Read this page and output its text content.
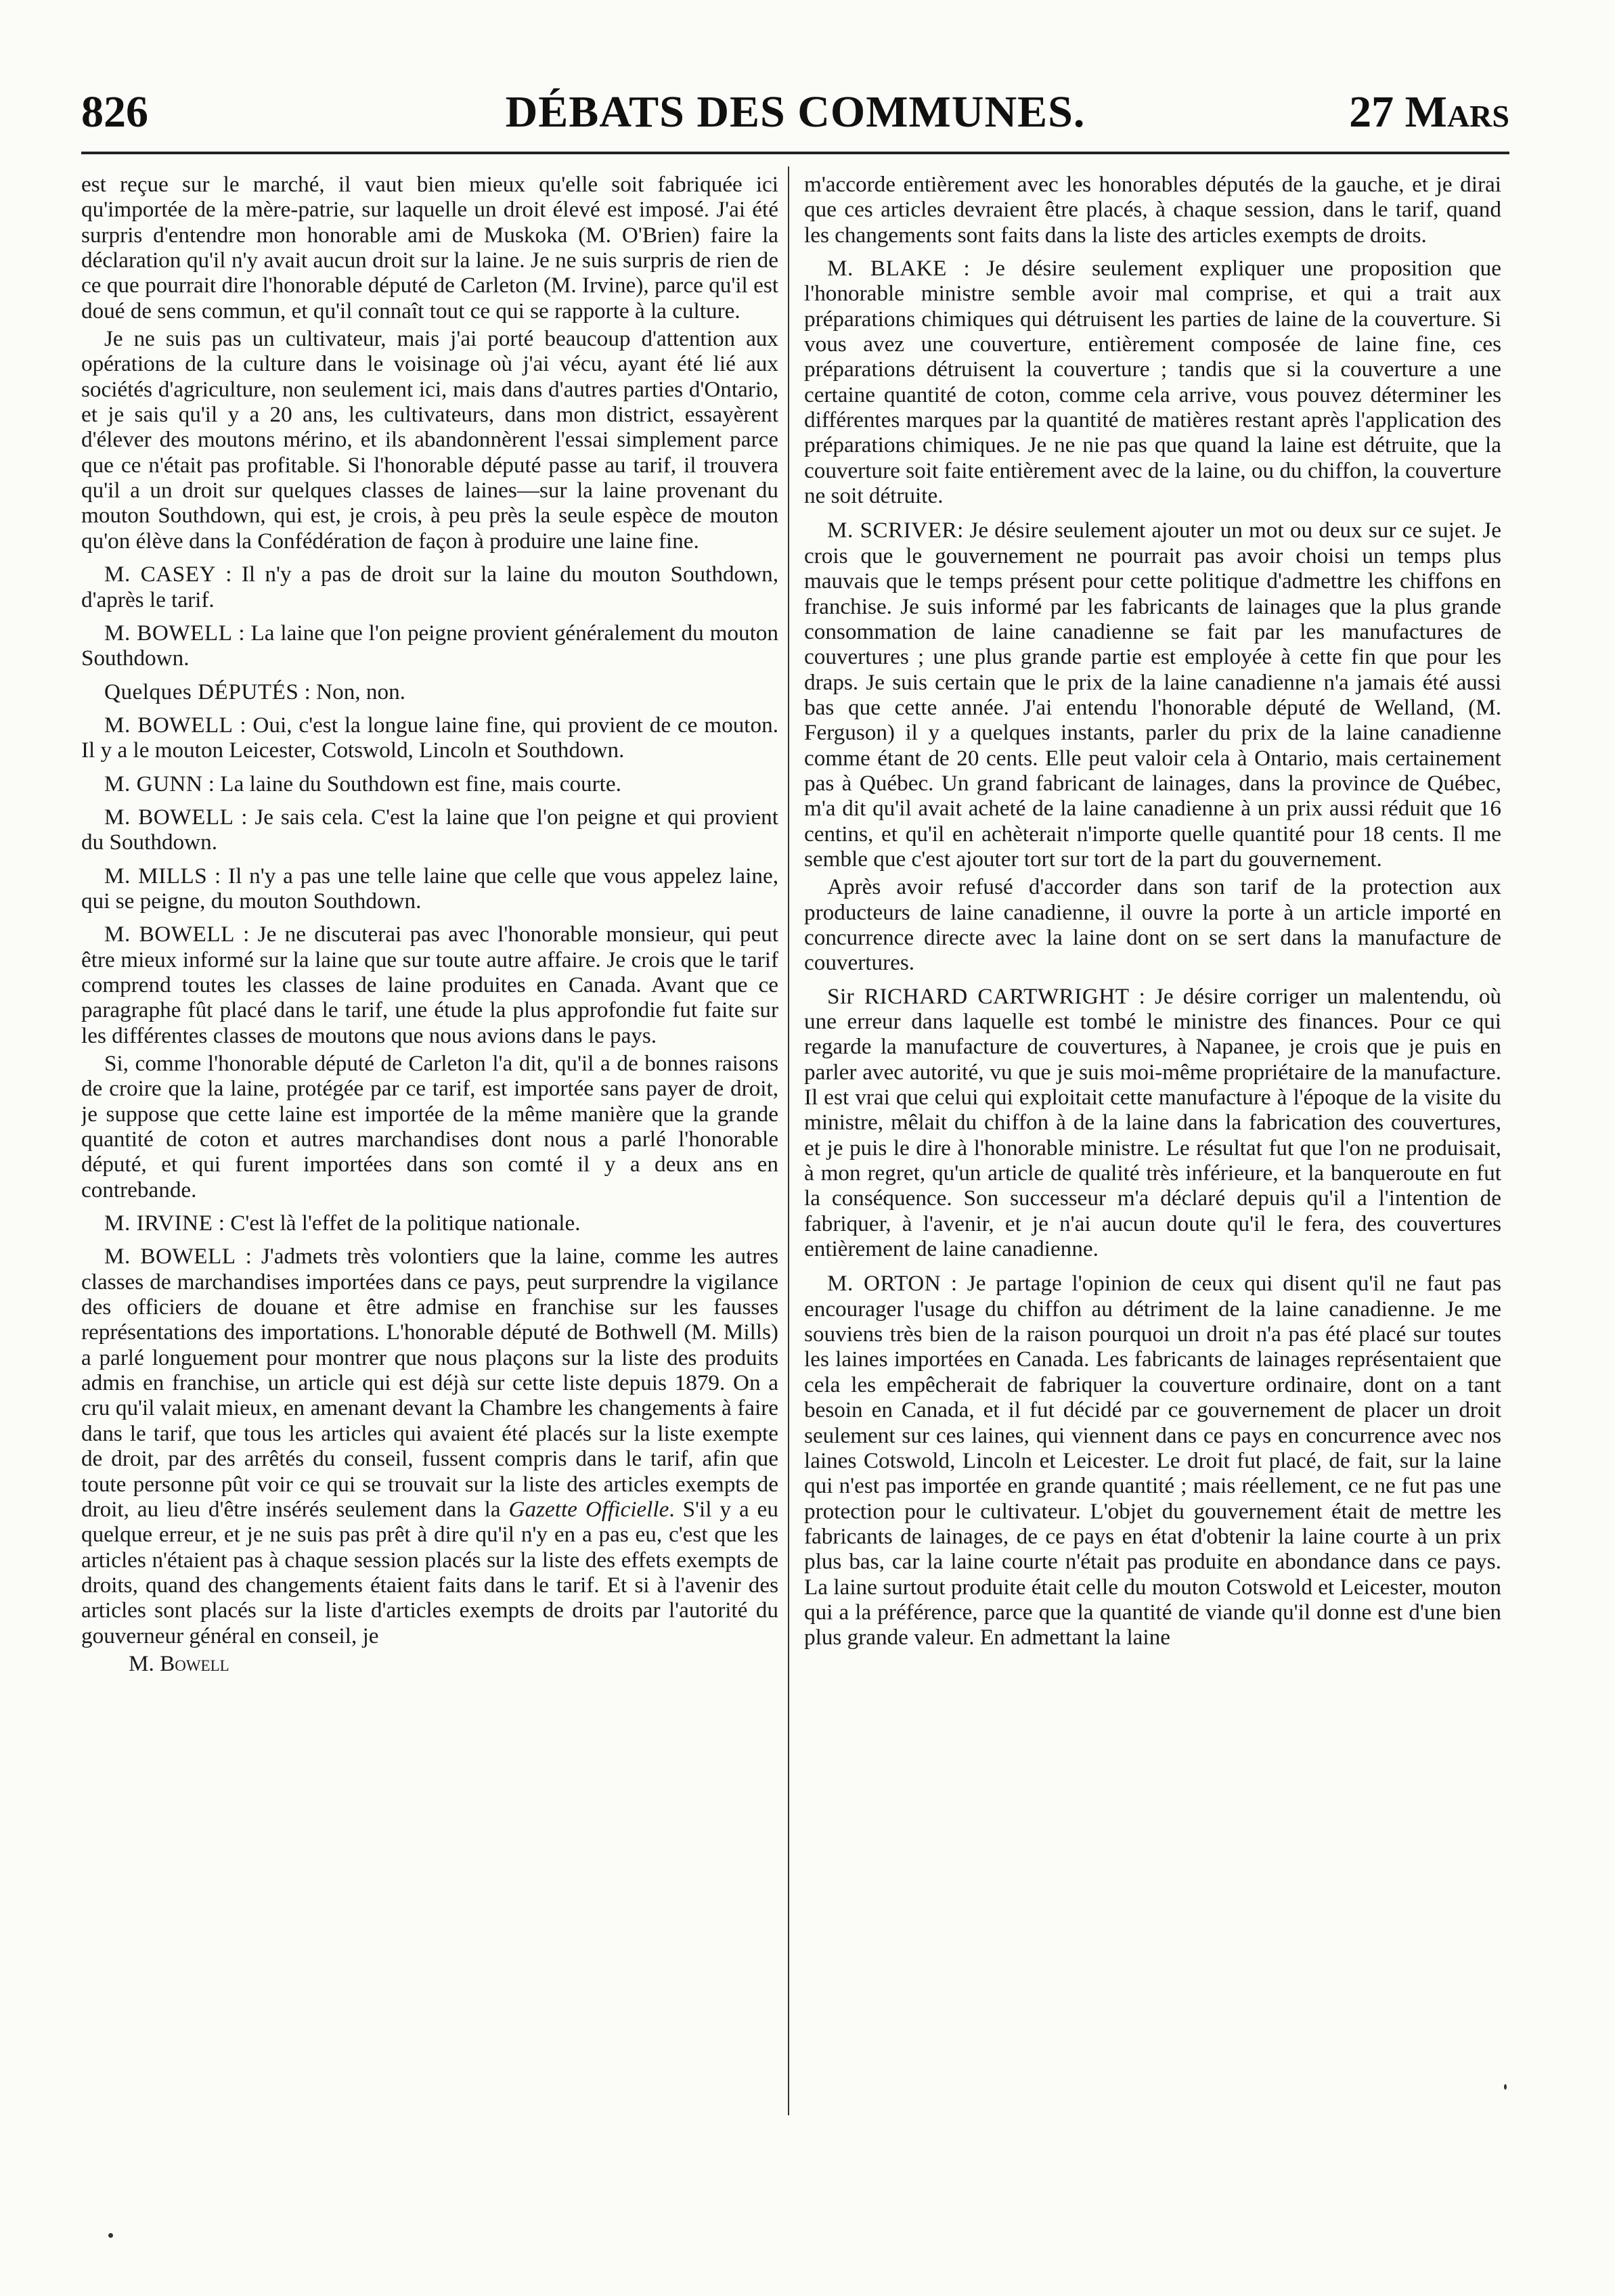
826	DÉBATS DES COMMUNES.	27 Mars

est reçue sur le marché, il vaut bien mieux qu'elle soit fabriquée ici qu'importée de la mère-patrie, sur laquelle un droit élevé est imposé. J'ai été surpris d'entendre mon honorable ami de Muskoka (M. O'Brien) faire la déclaration qu'il n'y avait aucun droit sur la laine. Je ne suis surpris de rien de ce que pourrait dire l'honorable député de Carleton (M. Irvine), parce qu'il est doué de sens commun, et qu'il connaît tout ce qui se rapporte à la culture.

Je ne suis pas un cultivateur, mais j'ai porté beaucoup d'attention aux opérations de la culture dans le voisinage où j'ai vécu, ayant été lié aux sociétés d'agriculture, non seulement ici, mais dans d'autres parties d'Ontario, et je sais qu'il y a 20 ans, les cultivateurs, dans mon district, essayèrent d'élever des moutons mérino, et ils abandonnèrent l'essai simplement parce que ce n'était pas profitable. Si l'honorable député passe au tarif, il trouvera qu'il a un droit sur quelques classes de laines—sur la laine provenant du mouton Southdown, qui est, je crois, à peu près la seule espèce de mouton qu'on élève dans la Confédération de façon à produire une laine fine.

M. CASEY : Il n'y a pas de droit sur la laine du mouton Southdown, d'après le tarif.

M. BOWELL : La laine que l'on peigne provient généralement du mouton Southdown.

Quelques DÉPUTÉS : Non, non.

M. BOWELL : Oui, c'est la longue laine fine, qui provient de ce mouton. Il y a le mouton Leicester, Cotswold, Lincoln et Southdown.

M. GUNN : La laine du Southdown est fine, mais courte.

M. BOWELL : Je sais cela. C'est la laine que l'on peigne et qui provient du Southdown.

M. MILLS : Il n'y a pas une telle laine que celle que vous appelez laine, qui se peigne, du mouton Southdown.

M. BOWELL : Je ne discuterai pas avec l'honorable monsieur, qui peut être mieux informé sur la laine que sur toute autre affaire. Je crois que le tarif comprend toutes les classes de laine produites en Canada. Avant que ce paragraphe fût placé dans le tarif, une étude la plus approfondie fut faite sur les différentes classes de moutons que nous avions dans le pays.

Si, comme l'honorable député de Carleton l'a dit, qu'il a de bonnes raisons de croire que la laine, protégée par ce tarif, est importée sans payer de droit, je suppose que cette laine est importée de la même manière que la grande quantité de coton et autres marchandises dont nous a parlé l'honorable député, et qui furent importées dans son comté il y a deux ans en contrebande.

M. IRVINE : C'est là l'effet de la politique nationale.

M. BOWELL : J'admets très volontiers que la laine, comme les autres classes de marchandises importées dans ce pays, peut surprendre la vigilance des officiers de douane et être admise en franchise sur les fausses représentations des importations. L'honorable député de Bothwell (M. Mills) a parlé longuement pour montrer que nous plaçons sur la liste des produits admis en franchise, un article qui est déjà sur cette liste depuis 1879. On a cru qu'il valait mieux, en amenant devant la Chambre les changements à faire dans le tarif, que tous les articles qui avaient été placés sur la liste exempte de droit, par des arrêtés du conseil, fussent compris dans le tarif, afin que toute personne pût voir ce qui se trouvait sur la liste des articles exempts de droit, au lieu d'être insérés seulement dans la Gazette Officielle. S'il y a eu quelque erreur, et je ne suis pas prêt à dire qu'il n'y en a pas eu, c'est que les articles n'étaient pas à chaque session placés sur la liste des effets exempts de droits, quand des changements étaient faits dans le tarif. Et si à l'avenir des articles sont placés sur la liste d'articles exempts de droits par l'autorité du gouverneur général en conseil, je

M. Bowell

m'accorde entièrement avec les honorables députés de la gauche, et je dirai que ces articles devraient être placés, à chaque session, dans le tarif, quand les changements sont faits dans la liste des articles exempts de droits.

M. BLAKE : Je désire seulement expliquer une proposition que l'honorable ministre semble avoir mal comprise, et qui a trait aux préparations chimiques qui détruisent les parties de laine de la couverture. Si vous avez une couverture, entièrement composée de laine fine, ces préparations détruisent la couverture ; tandis que si la couverture a une certaine quantité de coton, comme cela arrive, vous pouvez déterminer les différentes marques par la quantité de matières restant après l'application des préparations chimiques. Je ne nie pas que quand la laine est détruite, que la couverture soit faite entièrement avec de la laine, ou du chiffon, la couverture ne soit détruite.

M. SCRIVER: Je désire seulement ajouter un mot ou deux sur ce sujet. Je crois que le gouvernement ne pourrait pas avoir choisi un temps plus mauvais que le temps présent pour cette politique d'admettre les chiffons en franchise. Je suis informé par les fabricants de lainages que la plus grande consommation de laine canadienne se fait par les manufactures de couvertures ; une plus grande partie est employée à cette fin que pour les draps. Je suis certain que le prix de la laine canadienne n'a jamais été aussi bas que cette année. J'ai entendu l'honorable député de Welland, (M. Ferguson) il y a quelques instants, parler du prix de la laine canadienne comme étant de 20 cents. Elle peut valoir cela à Ontario, mais certainement pas à Québec. Un grand fabricant de lainages, dans la province de Québec, m'a dit qu'il avait acheté de la laine canadienne à un prix aussi réduit que 16 centins, et qu'il en achèterait n'importe quelle quantité pour 18 cents. Il me semble que c'est ajouter tort sur tort de la part du gouvernement.

Après avoir refusé d'accorder dans son tarif de la protection aux producteurs de laine canadienne, il ouvre la porte à un article importé en concurrence directe avec la laine dont on se sert dans la manufacture de couvertures.

Sir RICHARD CARTWRIGHT : Je désire corriger un malentendu, où une erreur dans laquelle est tombé le ministre des finances. Pour ce qui regarde la manufacture de couvertures, à Napanee, je crois que je puis en parler avec autorité, vu que je suis moi-même propriétaire de la manufacture. Il est vrai que celui qui exploitait cette manufacture à l'époque de la visite du ministre, mêlait du chiffon à de la laine dans la fabrication des couvertures, et je puis le dire à l'honorable ministre. Le résultat fut que l'on ne produisait, à mon regret, qu'un article de qualité très inférieure, et la banqueroute en fut la conséquence. Son successeur m'a déclaré depuis qu'il a l'intention de fabriquer, à l'avenir, et je n'ai aucun doute qu'il le fera, des couvertures entièrement de laine canadienne.

M. ORTON : Je partage l'opinion de ceux qui disent qu'il ne faut pas encourager l'usage du chiffon au détriment de la laine canadienne. Je me souviens très bien de la raison pourquoi un droit n'a pas été placé sur toutes les laines importées en Canada. Les fabricants de lainages représentaient que cela les empêcherait de fabriquer la couverture ordinaire, dont on a tant besoin en Canada, et il fut décidé par ce gouvernement de placer un droit seulement sur ces laines, qui viennent dans ce pays en concurrence avec nos laines Cotswold, Lincoln et Leicester. Le droit fut placé, de fait, sur la laine qui n'est pas importée en grande quantité ; mais réellement, ce ne fut pas une protection pour le cultivateur. L'objet du gouvernement était de mettre les fabricants de lainages, de ce pays en état d'obtenir la laine courte à un prix plus bas, car la laine courte n'était pas produite en abondance dans ce pays. La laine surtout produite était celle du mouton Cotswold et Leicester, mouton qui a la préférence, parce que la quantité de viande qu'il donne est d'une bien plus grande valeur. En admettant la laine
